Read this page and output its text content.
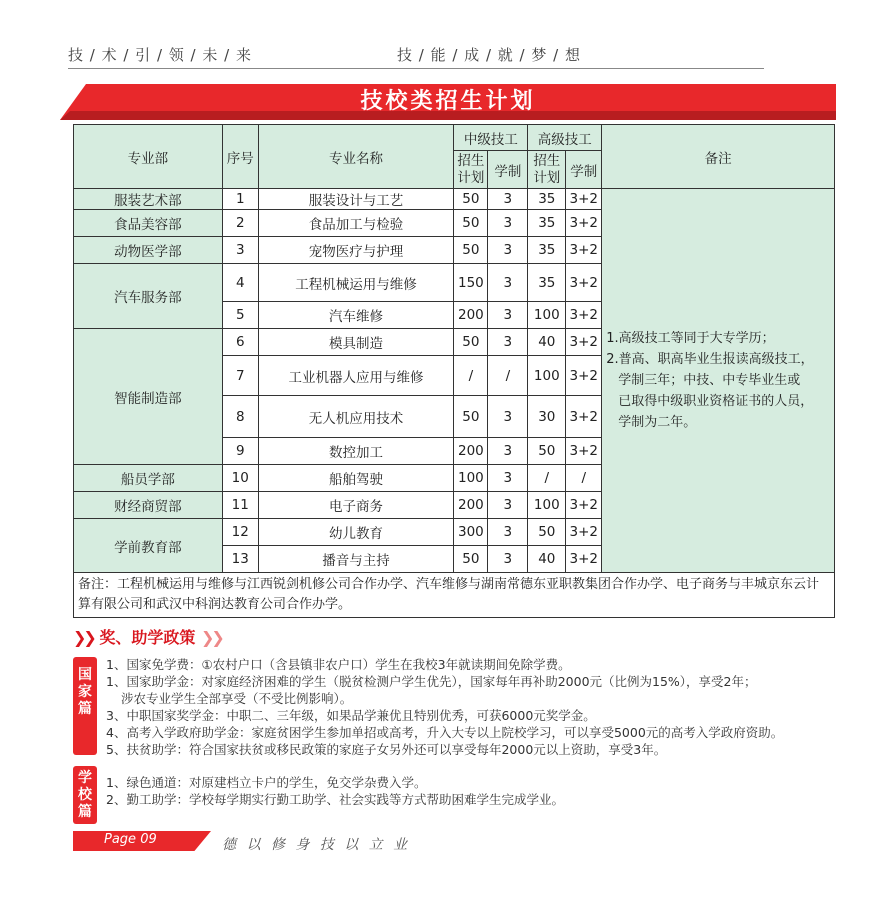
技 / 术 / 引 / 领 / 未 / 来	技 / 能 / 成 / 就 / 梦 / 想
技校类招生计划
专业部	序号	专业名称	中级技工		高级技工		备注
			招生计划	学制	招生计划	学制	
服装艺术部	1	服装设计与工艺	50	3	35	3+2	1.高级技工等同于大专学历；
2.普高、职高毕业生报读高级技工，
学制三年；中技、中专毕业生或
已取得中级职业资格证书的人员，
学制为二年。

食品美容部	2	食品加工与检验	50	3	35	3+2	
动物医学部	3	宠物医疗与护理	50	3	35	3+2	
汽车服务部	4	工程机械运用与维修	150	3	35	3+2	
	5	汽车维修	200	3	100	3+2	
智能制造部	6	模具制造	50	3	40	3+2	
	7	工业机器人应用与维修	/	/	100	3+2	
	8	无人机应用技术	50	3	30	3+2	
	9	数控加工	200	3	50	3+2	
船员学部	10	船舶驾驶	100	3	/	/	
财经商贸部	11	电子商务	200	3	100	3+2	
学前教育部	12	幼儿教育	300	3	50	3+2	
	13	播音与主持	50	3	40	3+2	
备注：工程机械运用与维修与江西锐剑机修公司合作办学、汽车维修与湖南常德东亚职教集团合作办学、电子商务与丰城京东云计算有限公司和武汉中科润达教育公司合作办学。							
❯❯ 奖、助学政策 ❯❯
国
家
篇
学
校
篇
1、国家免学费：①农村户口（含县镇非农户口）学生在我校3年就读期间免除学费。
1、国家助学金：对家庭经济困难的学生（脱贫检测户学生优先），国家每年再补助2000元（比例为15%），享受2年；
涉农专业学生全部享受（不受比例影响）。
3、中职国家奖学金：中职二、三年级，如果品学兼优且特别优秀，可获6000元奖学金。
4、高考入学政府助学金：家庭贫困学生参加单招或高考，升入大专以上院校学习，可以享受5000元的高考入学政府资助。
5、扶贫助学：符合国家扶贫或移民政策的家庭子女另外还可以享受每年2000元以上资助，享受3年。
1、绿色通道：对原建档立卡户的学生，免交学杂费入学。
2、勤工助学：学校每学期实行勤工助学、社会实践等方式帮助困难学生完成学业。
Page 09	德 以 修 身 技 以 立 业
